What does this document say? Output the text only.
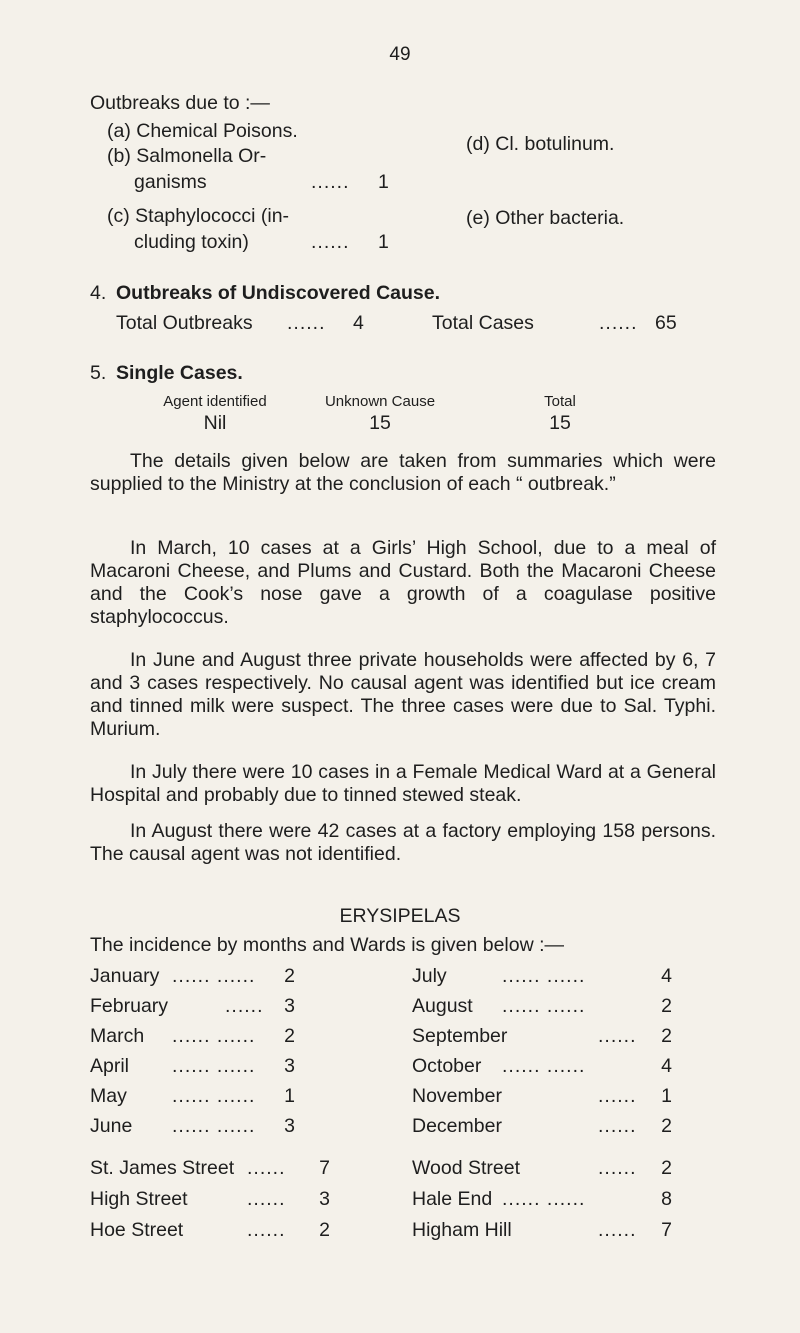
49
Outbreaks due to :—
(a) Chemical Poisons.
(b) Salmonella Or-
ganisms	...... 1
(c) Staphylococci (in-
cluding toxin)	...... 1
(d) Cl. botulinum.
(e) Other bacteria.
4. Outbreaks of Undiscovered Cause.
Total Outbreaks ...... 4	Total Cases	...... 65
5. Single Cases.
Agent identified	Unknown Cause	Total
Nil	15	15

The details given below are taken from summaries which were supplied to the Ministry at the conclusion of each “ outbreak.”

In March, 10 cases at a Girls’ High School, due to a meal of Macaroni Cheese, and Plums and Custard. Both the Macaroni Cheese and the Cook’s nose gave a growth of a coagulase positive staphylococcus.

In June and August three private households were affected by 6, 7 and 3 cases respectively. No causal agent was identified but ice cream and tinned milk were suspect. The three cases were due to Sal. Typhi. Murium.

In July there were 10 cases in a Female Medical Ward at a General Hospital and probably due to tinned stewed steak.

In August there were 42 cases at a factory employing 158 persons. The causal agent was not identified.

ERYSIPELAS
The incidence by months and Wards is given below :—
January ...... ......	2
February	......	3
March ...... ......	2
April ...... ......	3
May ...... ......	1
June ...... ......	3
July	...... ......	4
August ...... ......	2
September	......	2
October ...... ......	4
November	......	1
December	......	2
St. James Street ......	7
High Street	......	3
Hoe Street	......	2
Wood Street	......	2
Hale End ...... ......	8
Higham Hill	......	7
